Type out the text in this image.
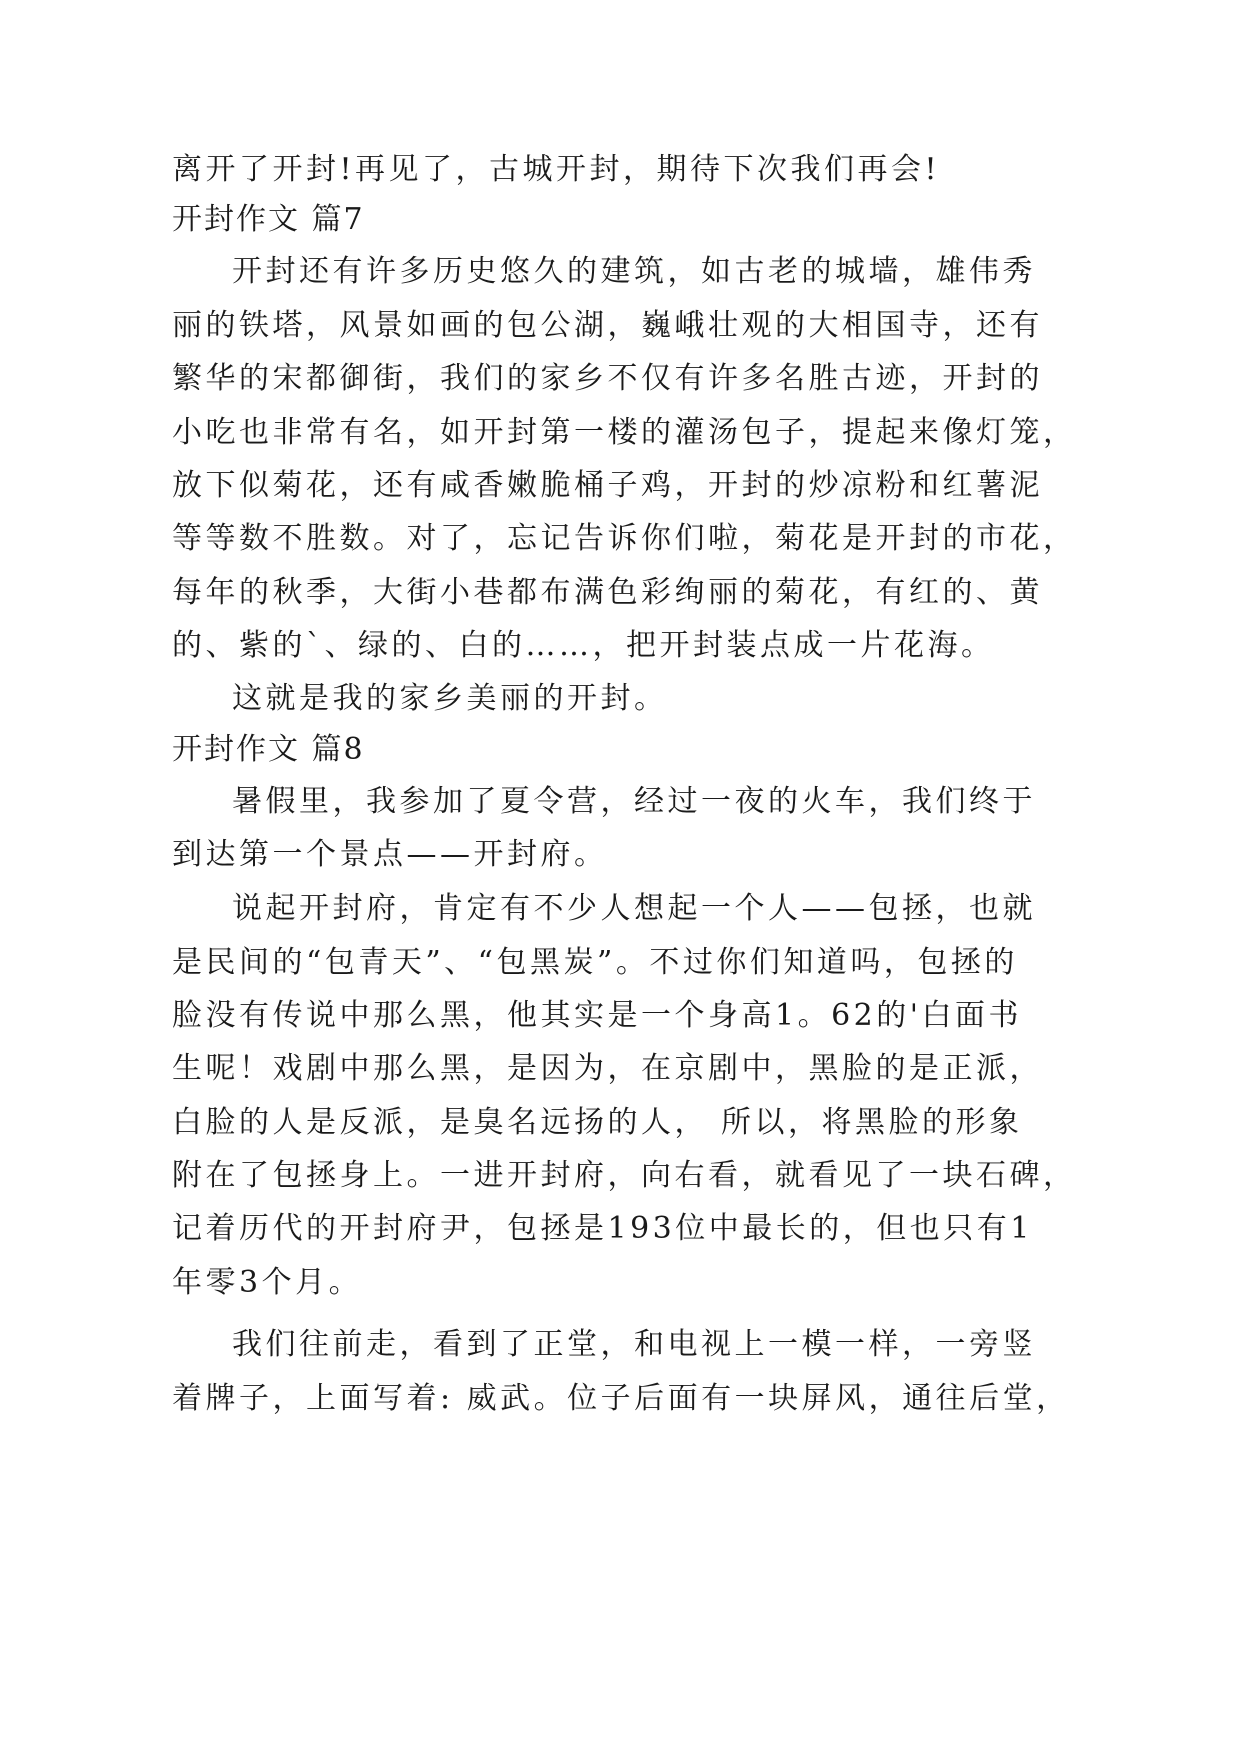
离开了开封!再见了，古城开封，期待下次我们再会!
开封作文 篇7
开封还有许多历史悠久的建筑，如古老的城墙，雄伟秀
丽的铁塔，风景如画的包公湖，巍峨壮观的大相国寺，还有
繁华的宋都御街，我们的家乡不仅有许多名胜古迹，开封的
小吃也非常有名，如开封第一楼的灌汤包子，提起来像灯笼，
放下似菊花，还有咸香嫩脆桶子鸡，开封的炒凉粉和红薯泥
等等数不胜数。对了，忘记告诉你们啦，菊花是开封的市花，
每年的秋季，大街小巷都布满色彩绚丽的菊花，有红的、黄
的、紫的`、绿的、白的……，把开封装点成一片花海。
这就是我的家乡美丽的开封。
开封作文 篇8
暑假里，我参加了夏令营，经过一夜的火车，我们终于
到达第一个景点——开封府。
说起开封府，肯定有不少人想起一个人——包拯，也就
是民间的“包青天”、“包黑炭”。不过你们知道吗，包拯的
脸没有传说中那么黑，他其实是一个身高1。62的'白面书
生呢！戏剧中那么黑，是因为，在京剧中，黑脸的是正派，
白脸的人是反派，是臭名远扬的人， 所以，将黑脸的形象
附在了包拯身上。一进开封府，向右看，就看见了一块石碑，
记着历代的开封府尹，包拯是193位中最长的，但也只有1
年零3个月。
我们往前走，看到了正堂，和电视上一模一样，一旁竖
着牌子，上面写着: 威武。位子后面有一块屏风，通往后堂，
